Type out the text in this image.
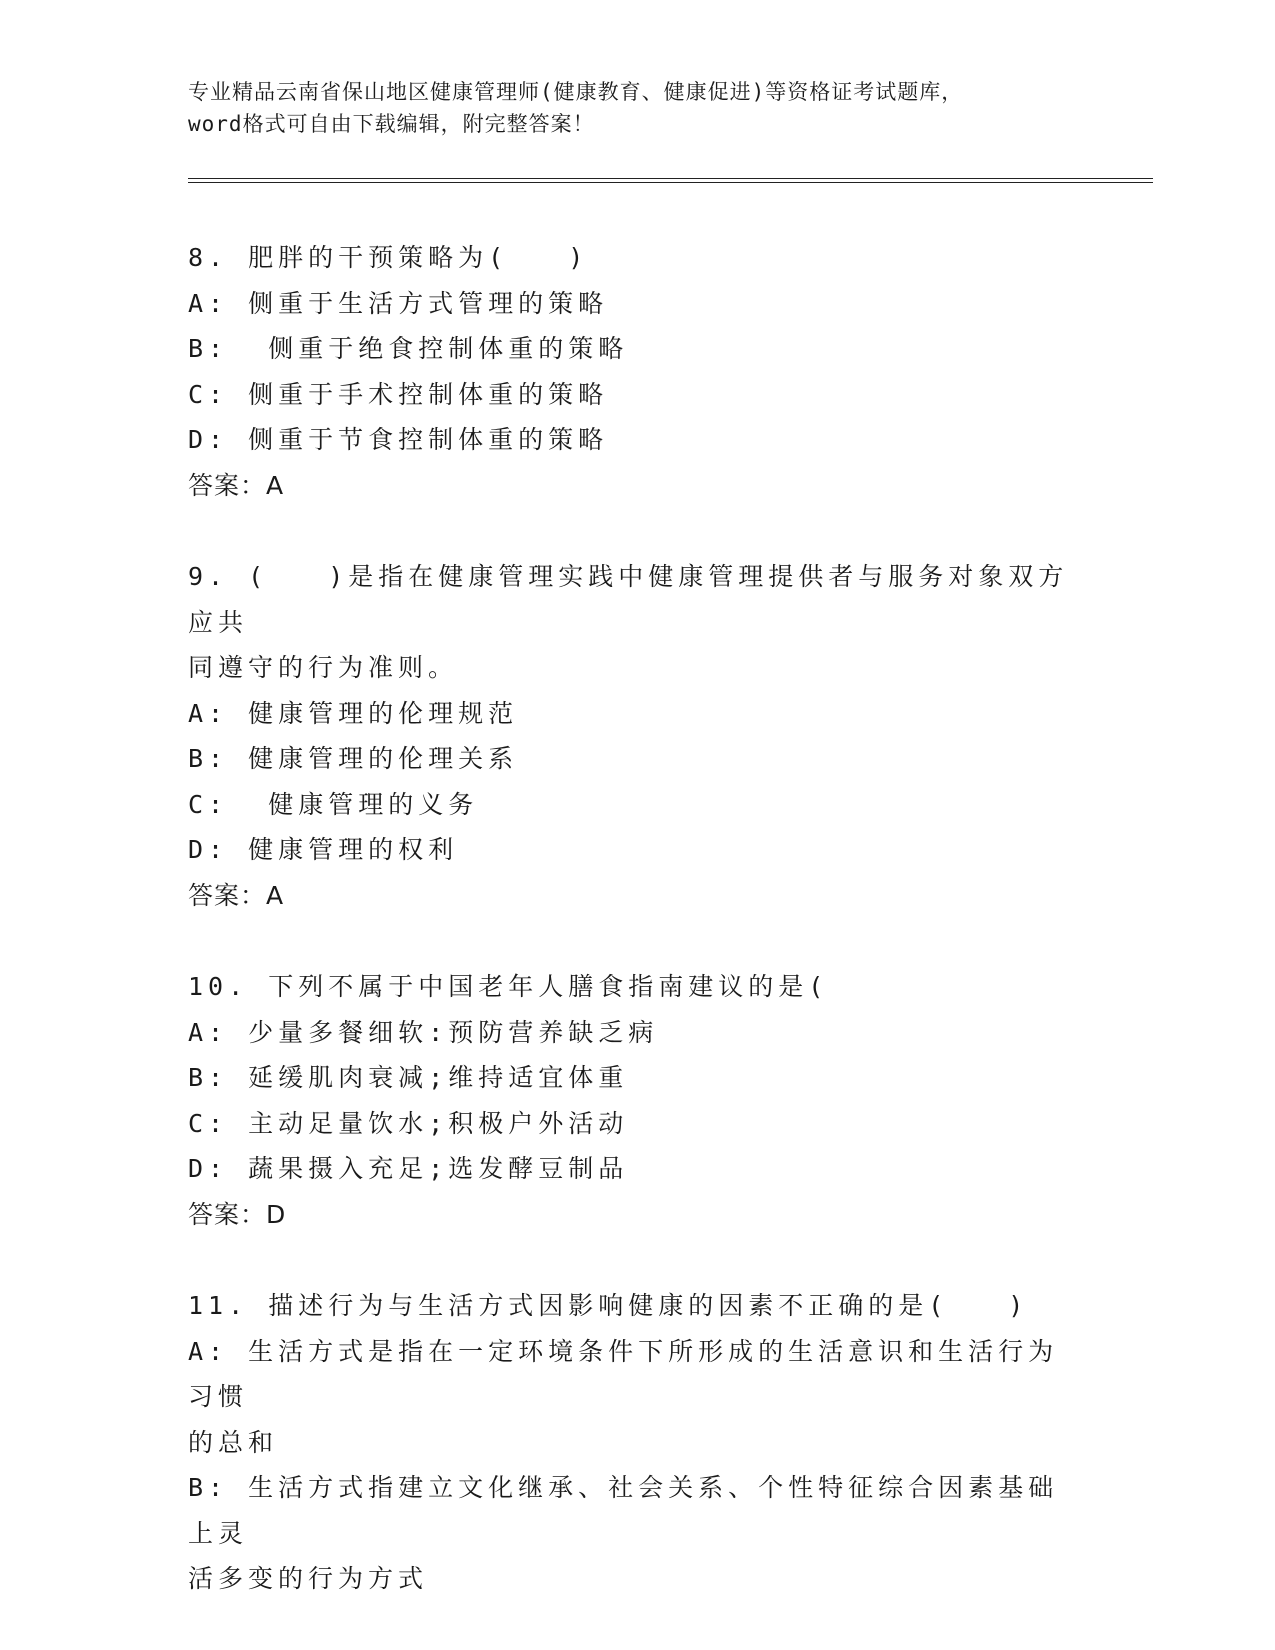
专业精品云南省保山地区健康管理师(健康教育、健康促进)等资格证考试题库，
word格式可自由下载编辑，附完整答案！
8. 肥胖的干预策略为(　　)
A: 侧重于生活方式管理的策略
B:  侧重于绝食控制体重的策略
C: 侧重于手术控制体重的策略
D: 侧重于节食控制体重的策略
答案：A
9. (　　)是指在健康管理实践中健康管理提供者与服务对象双方应共
同遵守的行为准则。
A: 健康管理的伦理规范
B: 健康管理的伦理关系
C:  健康管理的义务
D: 健康管理的权利
答案：A
10. 下列不属于中国老年人膳食指南建议的是(
A: 少量多餐细软:预防营养缺乏病
B: 延缓肌肉衰减;维持适宜体重
C: 主动足量饮水;积极户外活动
D: 蔬果摄入充足;选发酵豆制品
答案：D
11. 描述行为与生活方式因影响健康的因素不正确的是(　　)
A: 生活方式是指在一定环境条件下所形成的生活意识和生活行为习惯
的总和
B: 生活方式指建立文化继承、社会关系、个性特征综合因素基础上灵
活多变的行为方式
